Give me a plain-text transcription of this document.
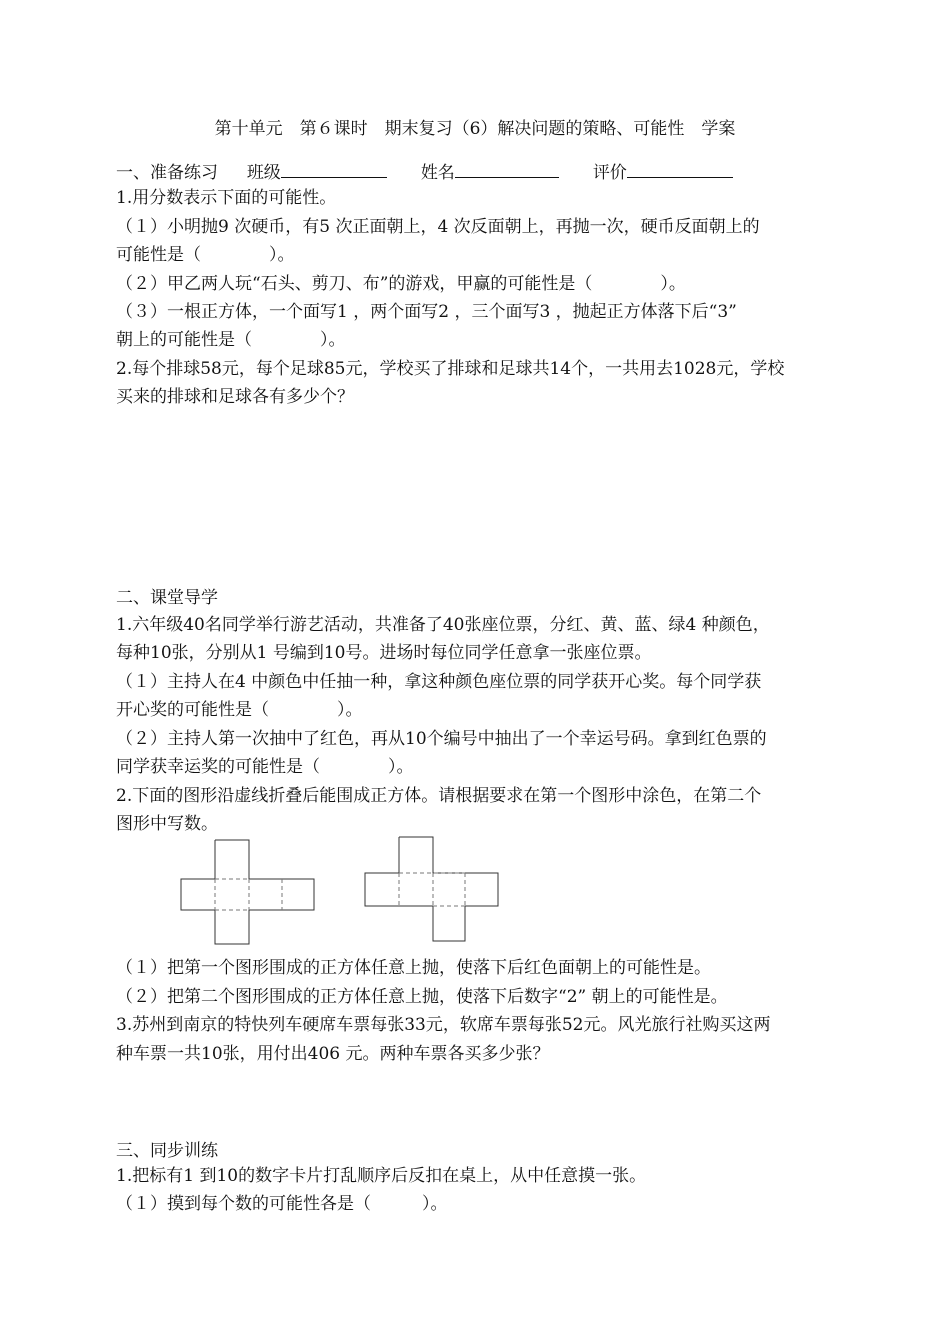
第十单元　第６课时　期末复习（6）解决问题的策略、可能性　学案

班级　　	姓名　　	评价

一、准备练习
1.用分数表示下面的可能性。
（１）小明抛9 次硬币，有5 次正面朝上，4 次反面朝上，再抛一次，硬币反面朝上的
可能性是（　　　　）。
（２）甲乙两人玩“石头、剪刀、布”的游戏，甲赢的可能性是（　　　　）。
（３）一根正方体，一个面写1 ，两个面写2 ，三个面写3 ，抛起正方体落下后“3”
朝上的可能性是（　　　　）。
2.每个排球58元，每个足球85元，学校买了排球和足球共14个，一共用去1028元，学校
买来的排球和足球各有多少个？
二、课堂导学
1.六年级40名同学举行游艺活动，共准备了40张座位票，分红、黄、蓝、绿4 种颜色，
每种10张，分别从1 号编到10号。进场时每位同学任意拿一张座位票。
（１）主持人在4 中颜色中任抽一种，拿这种颜色座位票的同学获开心奖。每个同学获
开心奖的可能性是（　　　　）。
（２）主持人第一次抽中了红色，再从10个编号中抽出了一个幸运号码。拿到红色票的
同学获幸运奖的可能性是（　　　　）。
2.下面的图形沿虚线折叠后能围成正方体。请根据要求在第一个图形中涂色，在第二个
图形中写数。
（１）把第一个图形围成的正方体任意上抛，使落下后红色面朝上的可能性是。
（２）把第二个图形围成的正方体任意上抛，使落下后数字“2” 朝上的可能性是。
3.苏州到南京的特快列车硬席车票每张33元，软席车票每张52元。风光旅行社购买这两
种车票一共10张，用付出406 元。两种车票各买多少张？
三、同步训练
1.把标有1 到10的数字卡片打乱顺序后反扣在桌上，从中任意摸一张。
（１）摸到每个数的可能性各是（　　　）。
